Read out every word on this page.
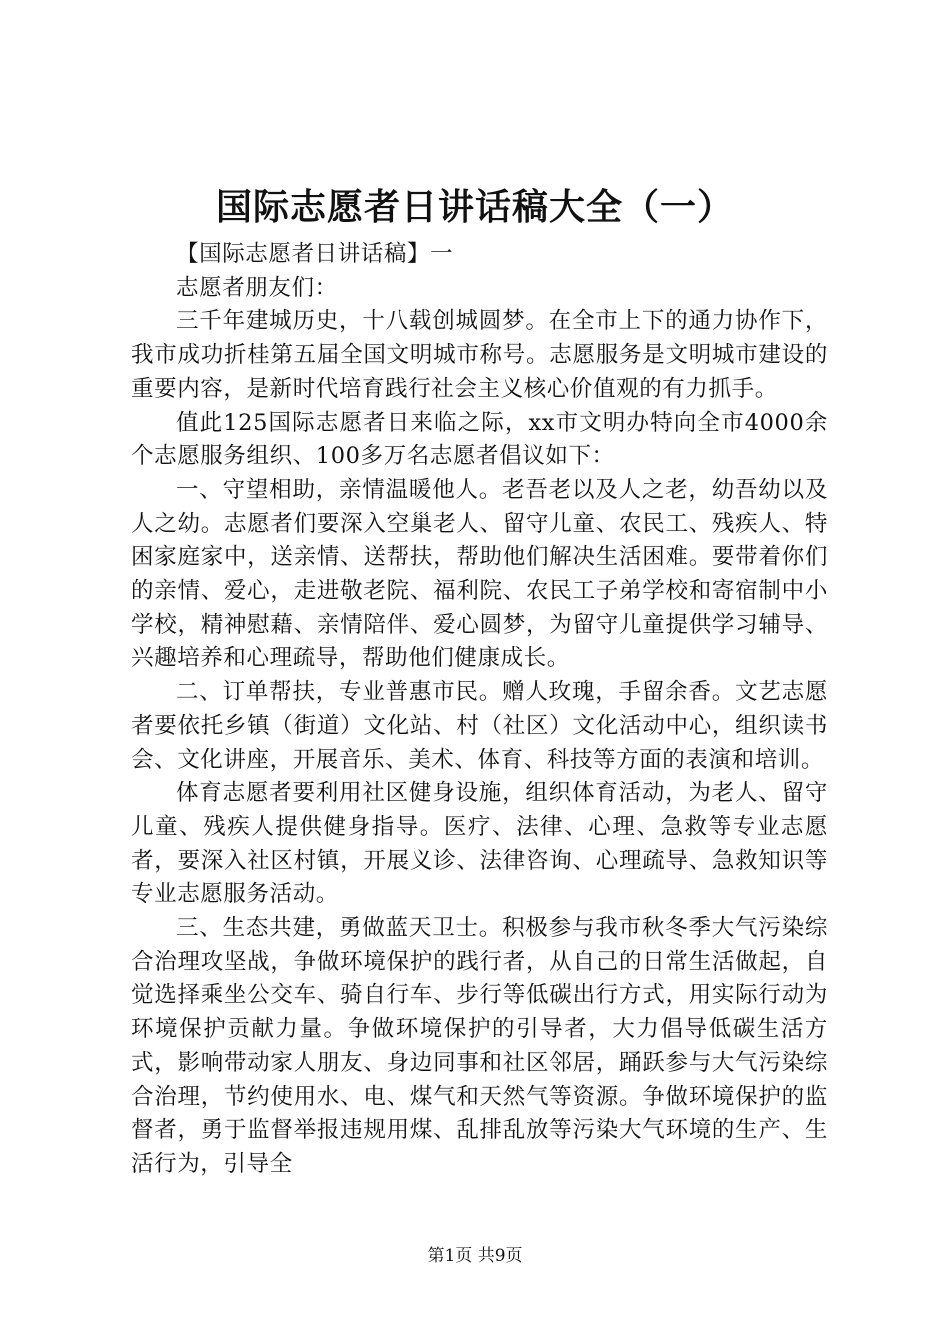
国际志愿者日讲话稿大全（一）

【国际志愿者日讲话稿】一

志愿者朋友们：

三千年建城历史，十八载创城圆梦。在全市上下的通力协作下，我市成功折桂第五届全国文明城市称号。志愿服务是文明城市建设的重要内容，是新时代培育践行社会主义核心价值观的有力抓手。

值此125国际志愿者日来临之际，xx市文明办特向全市4000余个志愿服务组织、100多万名志愿者倡议如下：

一、守望相助，亲情温暖他人。老吾老以及人之老，幼吾幼以及人之幼。志愿者们要深入空巢老人、留守儿童、农民工、残疾人、特困家庭家中，送亲情、送帮扶，帮助他们解决生活困难。要带着你们的亲情、爱心，走进敬老院、福利院、农民工子弟学校和寄宿制中小学校，精神慰藉、亲情陪伴、爱心圆梦，为留守儿童提供学习辅导、兴趣培养和心理疏导，帮助他们健康成长。

二、订单帮扶，专业普惠市民。赠人玫瑰，手留余香。文艺志愿者要依托乡镇（街道）文化站、村（社区）文化活动中心，组织读书会、文化讲座，开展音乐、美术、体育、科技等方面的表演和培训。

体育志愿者要利用社区健身设施，组织体育活动，为老人、留守儿童、残疾人提供健身指导。医疗、法律、心理、急救等专业志愿者，要深入社区村镇，开展义诊、法律咨询、心理疏导、急救知识等专业志愿服务活动。

三、生态共建，勇做蓝天卫士。积极参与我市秋冬季大气污染综合治理攻坚战，争做环境保护的践行者，从自己的日常生活做起，自觉选择乘坐公交车、骑自行车、步行等低碳出行方式，用实际行动为环境保护贡献力量。争做环境保护的引导者，大力倡导低碳生活方式，影响带动家人朋友、身边同事和社区邻居，踊跃参与大气污染综合治理，节约使用水、电、煤气和天然气等资源。争做环境保护的监督者，勇于监督举报违规用煤、乱排乱放等污染大气环境的生产、生活行为，引导全

第1页 共9页
